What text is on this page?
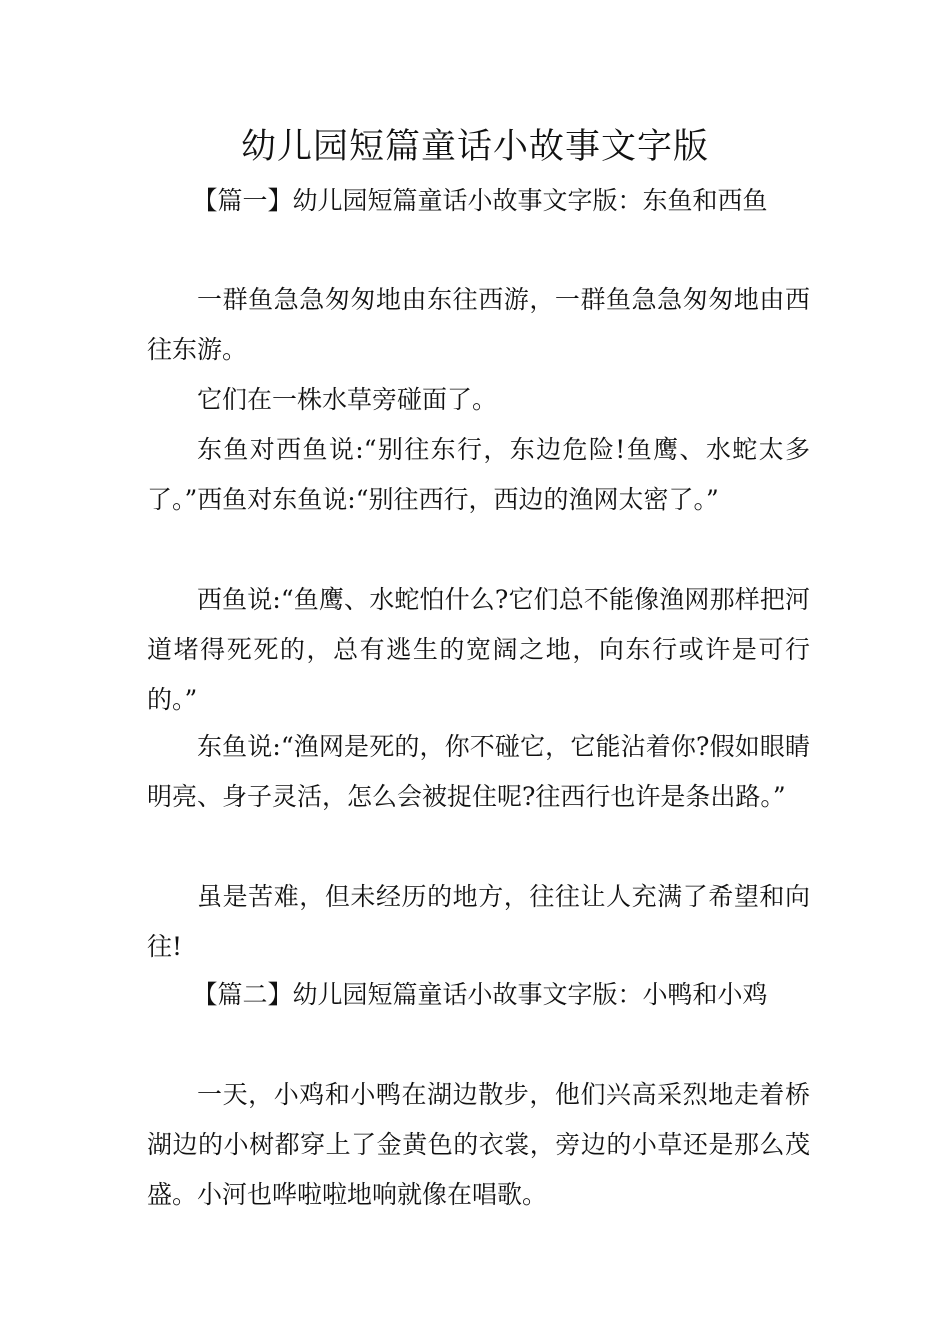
幼儿园短篇童话小故事文字版
【篇一】幼儿园短篇童话小故事文字版：东鱼和西鱼

一群鱼急急匆匆地由东往西游，一群鱼急急匆匆地由西往东游。

它们在一株水草旁碰面了。

东鱼对西鱼说:“别往东行，东边危险!鱼鹰、水蛇太多了。”西鱼对东鱼说:“别往西行，西边的渔网太密了。”

西鱼说:“鱼鹰、水蛇怕什么?它们总不能像渔网那样把河道堵得死死的，总有逃生的宽阔之地，向东行或许是可行的。”

东鱼说:“渔网是死的，你不碰它，它能沾着你?假如眼睛明亮、身子灵活，怎么会被捉住呢?往西行也许是条出路。”

虽是苦难，但未经历的地方，往往让人充满了希望和向往!

【篇二】幼儿园短篇童话小故事文字版：小鸭和小鸡

一天，小鸡和小鸭在湖边散步，他们兴高采烈地走着桥湖边的小树都穿上了金黄色的衣裳，旁边的小草还是那么茂盛。小河也哗啦啦地响就像在唱歌。
